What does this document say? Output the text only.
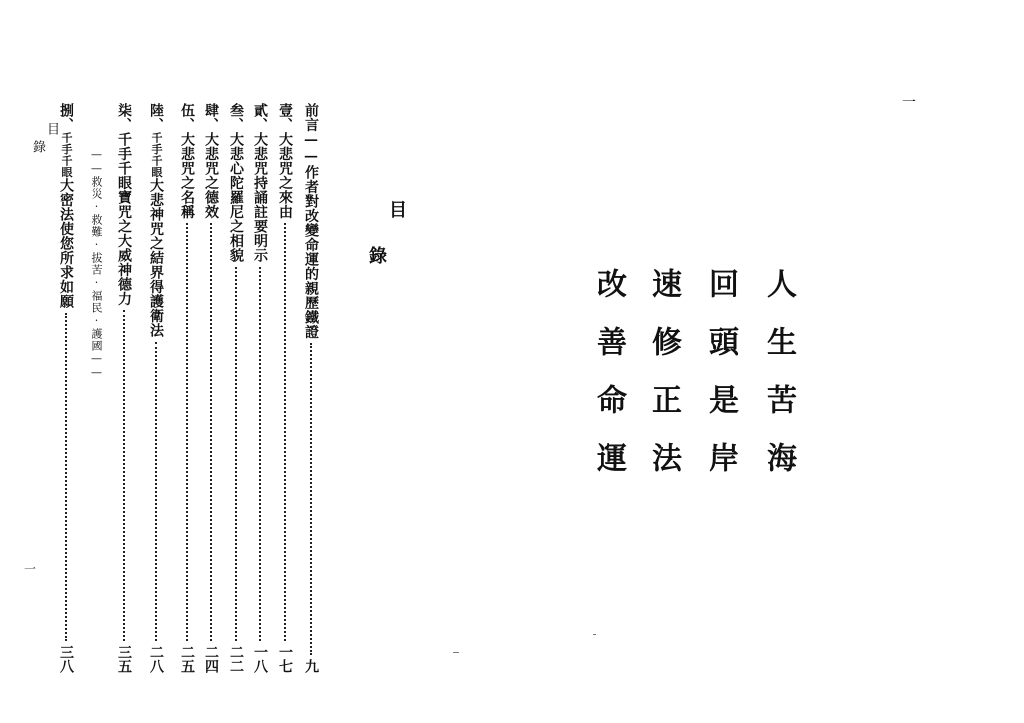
目
錄
一
前言——作者對改變命運的親歷鐵證
九
壹、大悲咒之來由
一七
貳、大悲咒持誦註要明示
一八
叁、大悲心陀羅尼之相貌
二二
肆、大悲咒之德效
二四
伍、大悲咒之名稱
二五
陸、
千手
千眼
大悲神咒之結界得護衛法
二八
柒、千手千眼寶咒之大威神德力
三五
——救災·救難·拔苦·福民·護國——
捌、
千手
千眼
大密法使您所求如願
三八
目
錄
一
人生苦海
回頭是岸
速修正法
改善命運
